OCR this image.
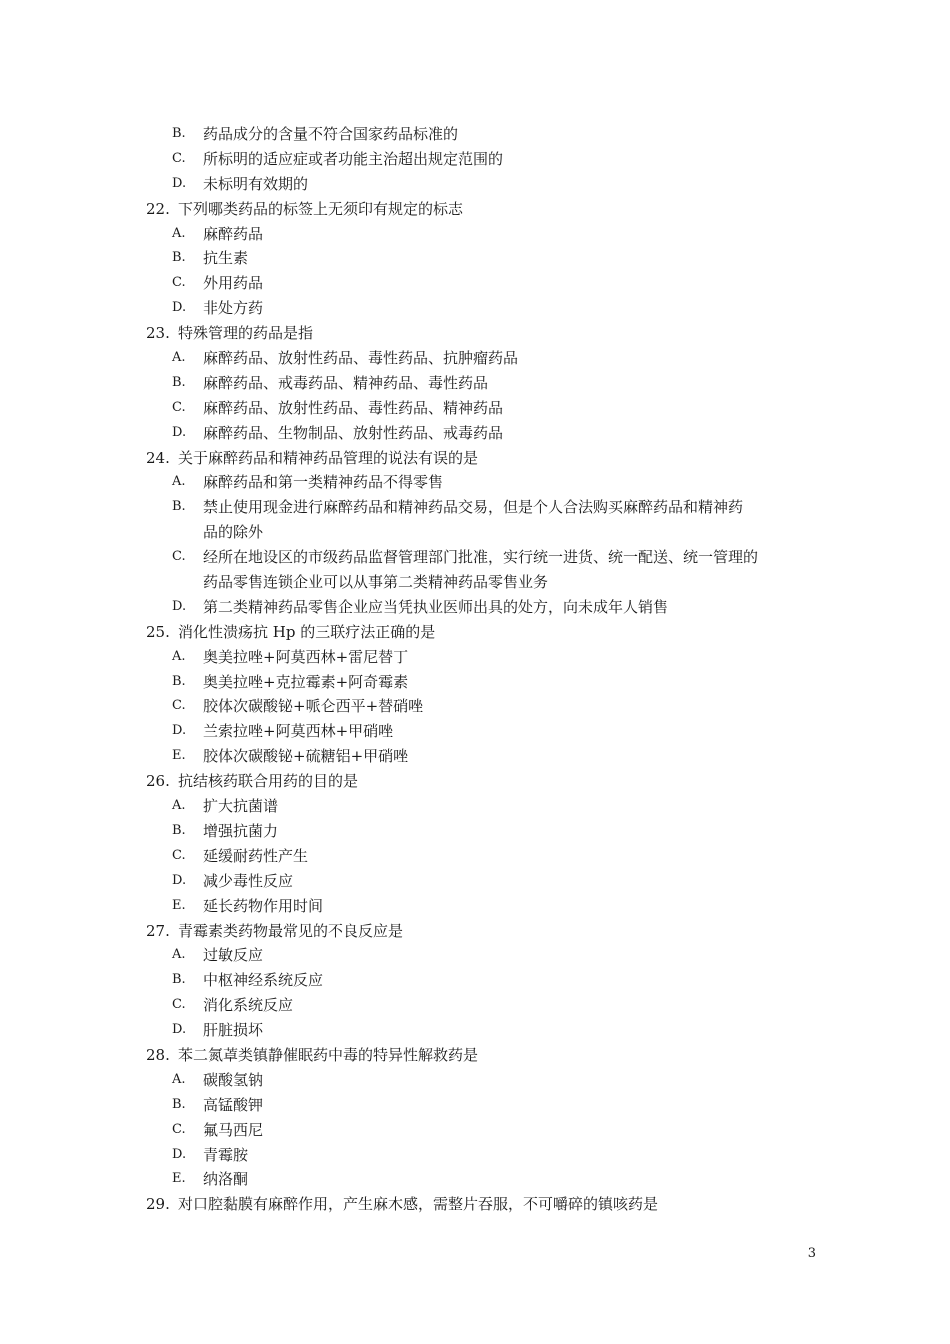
B. 药品成分的含量不符合国家药品标准的
C. 所标明的适应症或者功能主治超出规定范围的
D. 未标明有效期的
22. 下列哪类药品的标签上无须印有规定的标志
A. 麻醉药品
B. 抗生素
C. 外用药品
D. 非处方药
23. 特殊管理的药品是指
A. 麻醉药品、放射性药品、毒性药品、抗肿瘤药品
B. 麻醉药品、戒毒药品、精神药品、毒性药品
C. 麻醉药品、放射性药品、毒性药品、精神药品
D. 麻醉药品、生物制品、放射性药品、戒毒药品
24. 关于麻醉药品和精神药品管理的说法有误的是
A. 麻醉药品和第一类精神药品不得零售
B. 禁止使用现金进行麻醉药品和精神药品交易，但是个人合法购买麻醉药品和精神药
品的除外
C. 经所在地设区的市级药品监督管理部门批准，实行统一进货、统一配送、统一管理的
药品零售连锁企业可以从事第二类精神药品零售业务
D. 第二类精神药品零售企业应当凭执业医师出具的处方，向未成年人销售
25. 消化性溃疡抗 Hp 的三联疗法正确的是
A. 奥美拉唑+阿莫西林+雷尼替丁
B. 奥美拉唑+克拉霉素+阿奇霉素
C. 胶体次碳酸铋+哌仑西平+替硝唑
D. 兰索拉唑+阿莫西林+甲硝唑
E. 胶体次碳酸铋+硫糖铝+甲硝唑
26. 抗结核药联合用药的目的是
A. 扩大抗菌谱
B. 增强抗菌力
C. 延缓耐药性产生
D. 减少毒性反应
E. 延长药物作用时间
27. 青霉素类药物最常见的不良反应是
A. 过敏反应
B. 中枢神经系统反应
C. 消化系统反应
D. 肝脏损坏
28. 苯二氮䓬类镇静催眠药中毒的特异性解救药是
A. 碳酸氢钠
B. 高锰酸钾
C. 氟马西尼
D. 青霉胺
E. 纳洛酮
29. 对口腔黏膜有麻醉作用，产生麻木感，需整片吞服，不可嚼碎的镇咳药是
3
